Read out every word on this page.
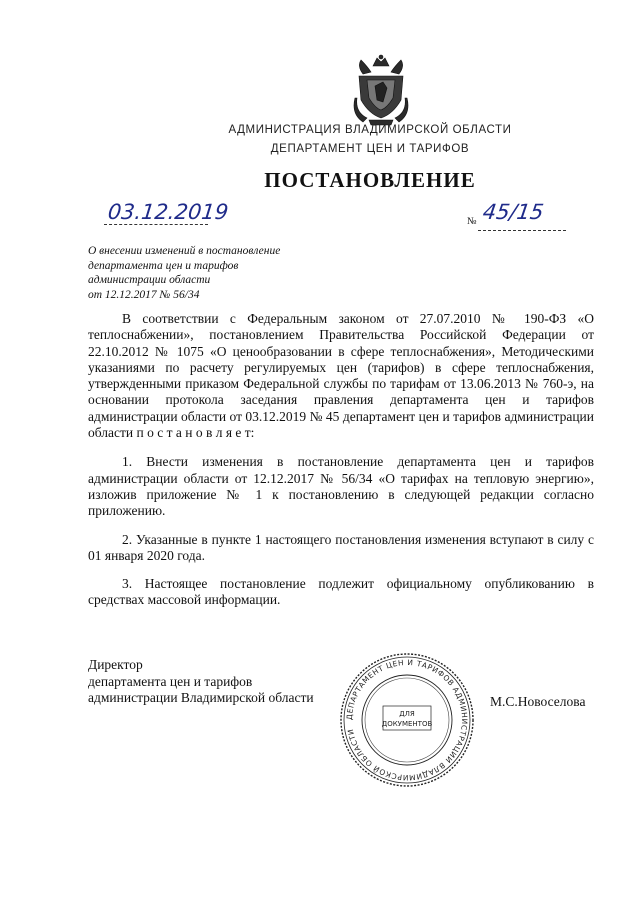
АДМИНИСТРАЦИЯ ВЛАДИМИРСКОЙ ОБЛАСТИ
ДЕПАРТАМЕНТ ЦЕН И ТАРИФОВ
ПОСТАНОВЛЕНИЕ
03.12.2019	№ 45/15
О внесении изменений в постановление
департамента цен и тарифов
администрации области
от 12.12.2017 № 56/34

В соответствии с Федеральным законом от 27.07.2010 № 190-ФЗ «О теплоснабжении», постановлением Правительства Российской Федерации от 22.10.2012 № 1075 «О ценообразовании в сфере теплоснабжения», Методическими указаниями по расчету регулируемых цен (тарифов) в сфере теплоснабжения, утвержденными приказом Федеральной службы по тарифам от 13.06.2013 № 760-э, на основании протокола заседания правления департамента цен и тарифов администрации области от 03.12.2019 № 45 департамент цен и тарифов администрации области п о с т а н о в л я е т:

1. Внести изменения в постановление департамента цен и тарифов администрации области от 12.12.2017 № 56/34 «О тарифах на тепловую энергию», изложив приложение № 1 к постановлению в следующей редакции согласно приложению.

2. Указанные в пункте 1 настоящего постановления изменения вступают в силу с 01 января 2020 года.

3. Настоящее постановление подлежит официальному опубликованию в средствах массовой информации.

Директор
департамента цен и тарифов
администрации Владимирской области
ДЕПАРТАМЕНТ ЦЕН И ТАРИФОВ АДМИНИСТРАЦИИ ВЛАДИМИРСКОЙ ОБЛАСТИ
ДЛЯ
ДОКУМЕНТОВ
М.С.Новоселова
